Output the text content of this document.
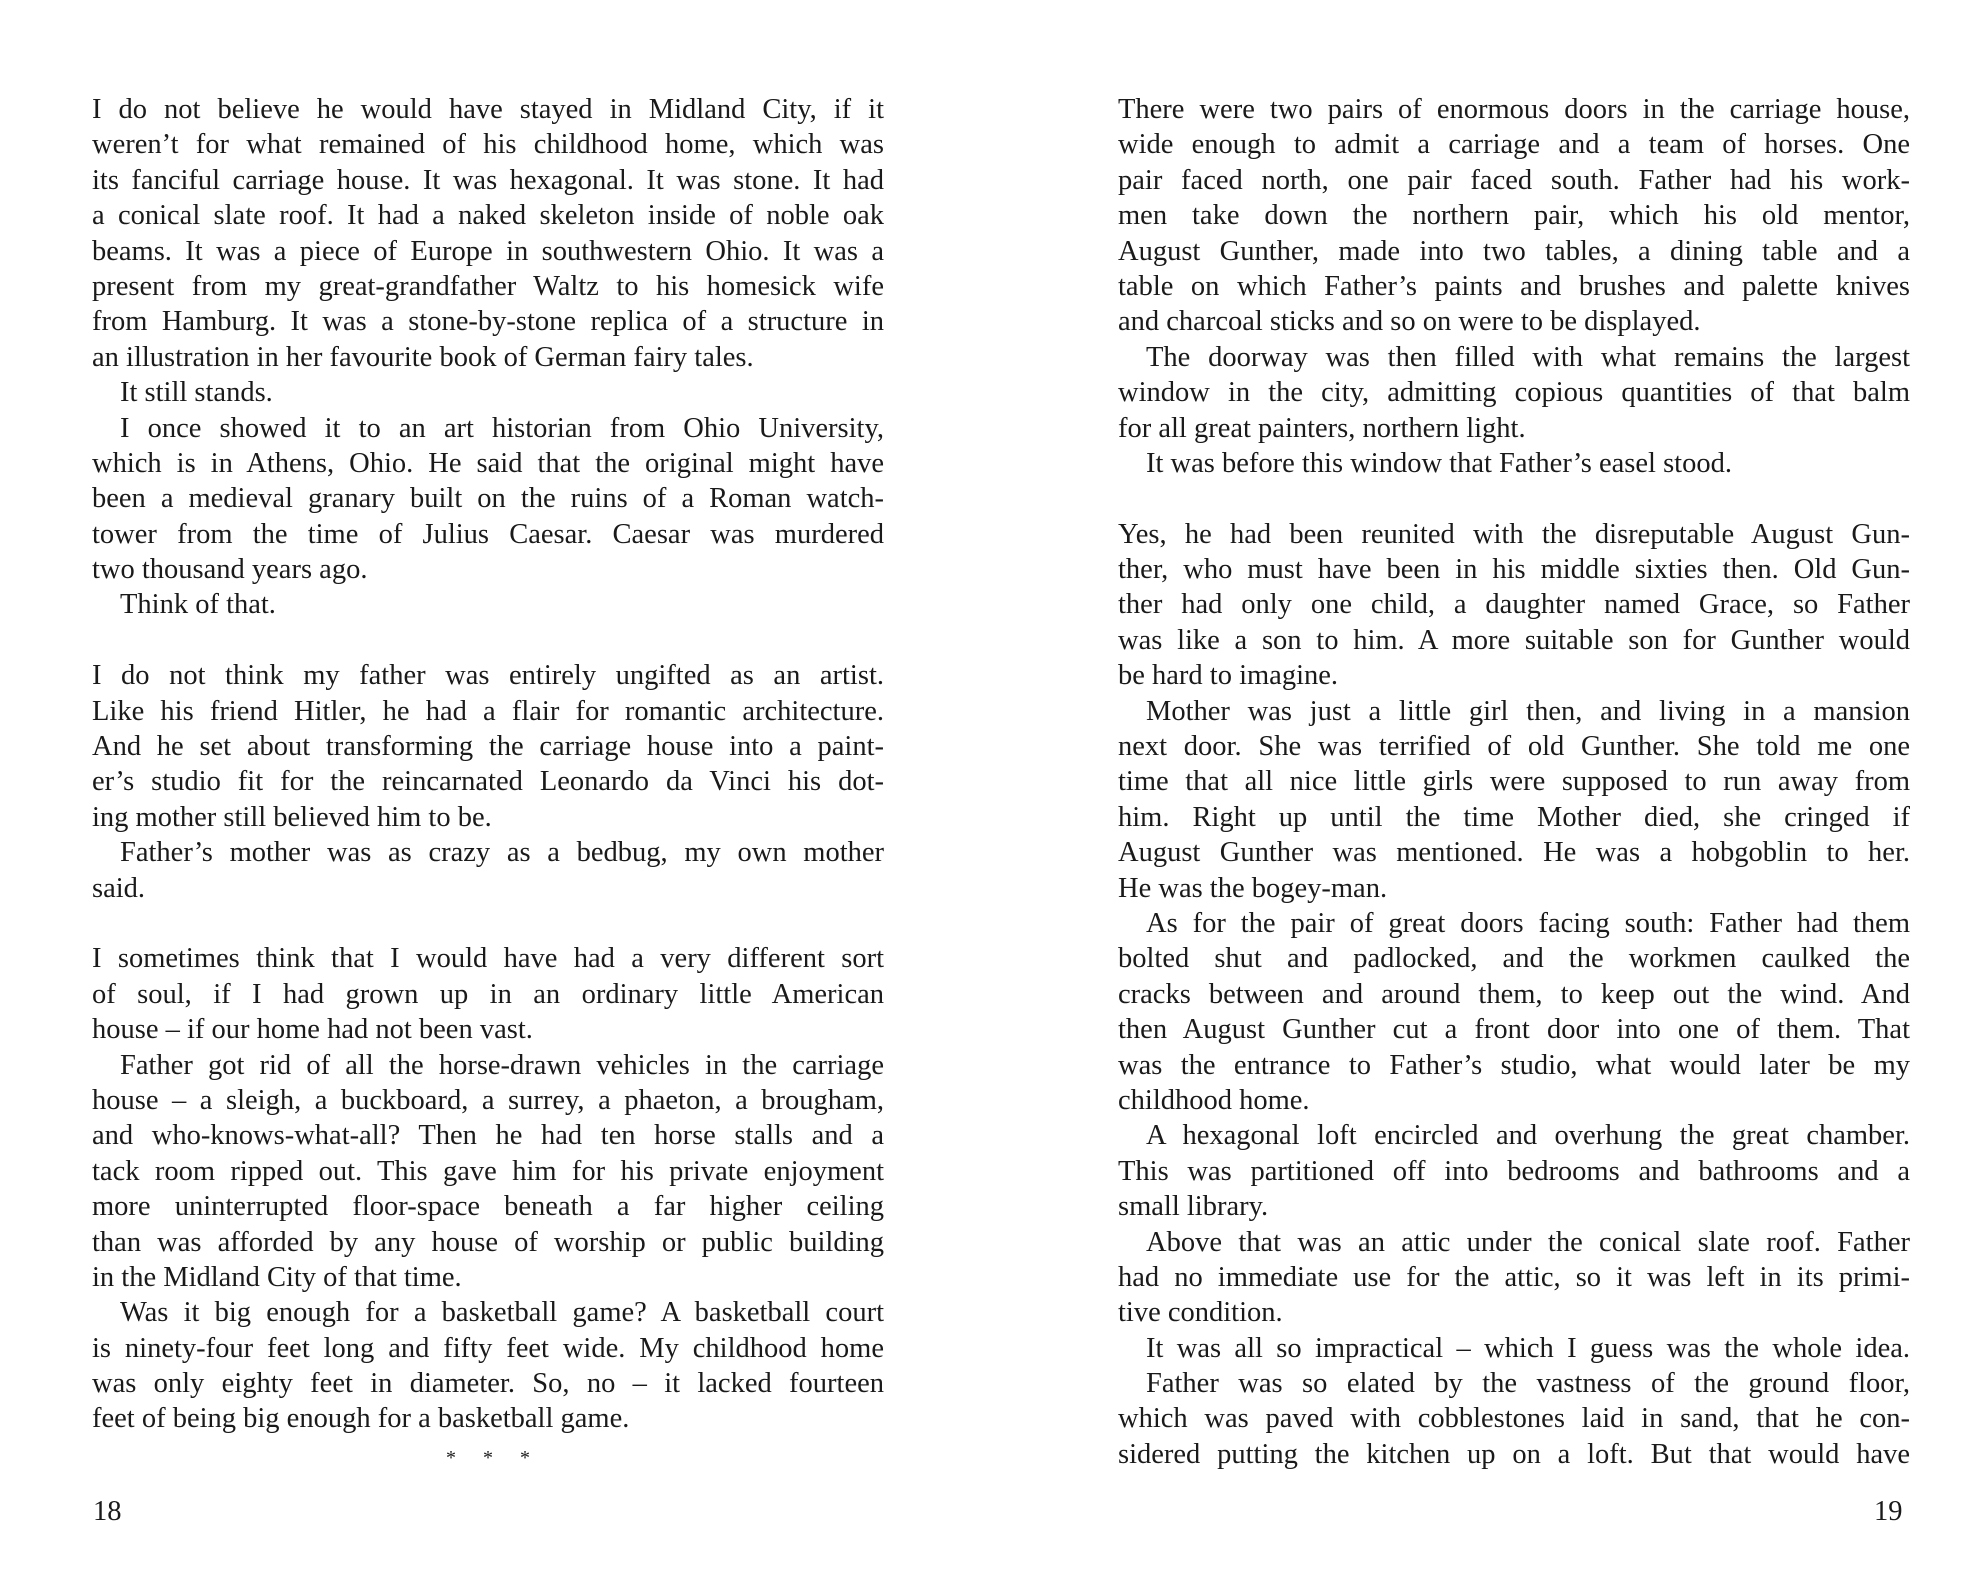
I do not believe he would have stayed in Midland City, if it
weren’t for what remained of his childhood home, which was
its fanciful carriage house. It was hexagonal. It was stone. It had
a conical slate roof. It had a naked skeleton inside of noble oak
beams. It was a piece of Europe in southwestern Ohio. It was a
present from my great-grandfather Waltz to his homesick wife
from Hamburg. It was a stone-by-stone replica of a structure in
an illustration in her favourite book of German fairy tales.
It still stands.
I once showed it to an art historian from Ohio University,
which is in Athens, Ohio. He said that the original might have
been a medieval granary built on the ruins of a Roman watch-
tower from the time of Julius Caesar. Caesar was murdered
two thousand years ago.
Think of that.
I do not think my father was entirely ungifted as an artist.
Like his friend Hitler, he had a flair for romantic architecture.
And he set about transforming the carriage house into a paint-
er’s studio fit for the reincarnated Leonardo da Vinci his dot-
ing mother still believed him to be.
Father’s mother was as crazy as a bedbug, my own mother
said.
I sometimes think that I would have had a very different sort
of soul, if I had grown up in an ordinary little American
house – if our home had not been vast.
Father got rid of all the horse-drawn vehicles in the carriage
house – a sleigh, a buckboard, a surrey, a phaeton, a brougham,
and who-knows-what-all? Then he had ten horse stalls and a
tack room ripped out. This gave him for his private enjoyment
more uninterrupted floor-space beneath a far higher ceiling
than was afforded by any house of worship or public building
in the Midland City of that time.
Was it big enough for a basketball game? A basketball court
is ninety-four feet long and fifty feet wide. My childhood home
was only eighty feet in diameter. So, no – it lacked fourteen
feet of being big enough for a basketball game.
* * *
18
There were two pairs of enormous doors in the carriage house,
wide enough to admit a carriage and a team of horses. One
pair faced north, one pair faced south. Father had his work-
men take down the northern pair, which his old mentor,
August Gunther, made into two tables, a dining table and a
table on which Father’s paints and brushes and palette knives
and charcoal sticks and so on were to be displayed.
The doorway was then filled with what remains the largest
window in the city, admitting copious quantities of that balm
for all great painters, northern light.
It was before this window that Father’s easel stood.
Yes, he had been reunited with the disreputable August Gun-
ther, who must have been in his middle sixties then. Old Gun-
ther had only one child, a daughter named Grace, so Father
was like a son to him. A more suitable son for Gunther would
be hard to imagine.
Mother was just a little girl then, and living in a mansion
next door. She was terrified of old Gunther. She told me one
time that all nice little girls were supposed to run away from
him. Right up until the time Mother died, she cringed if
August Gunther was mentioned. He was a hobgoblin to her.
He was the bogey-man.
As for the pair of great doors facing south: Father had them
bolted shut and padlocked, and the workmen caulked the
cracks between and around them, to keep out the wind. And
then August Gunther cut a front door into one of them. That
was the entrance to Father’s studio, what would later be my
childhood home.
A hexagonal loft encircled and overhung the great chamber.
This was partitioned off into bedrooms and bathrooms and a
small library.
Above that was an attic under the conical slate roof. Father
had no immediate use for the attic, so it was left in its primi-
tive condition.
It was all so impractical – which I guess was the whole idea.
Father was so elated by the vastness of the ground floor,
which was paved with cobblestones laid in sand, that he con-
sidered putting the kitchen up on a loft. But that would have
19
